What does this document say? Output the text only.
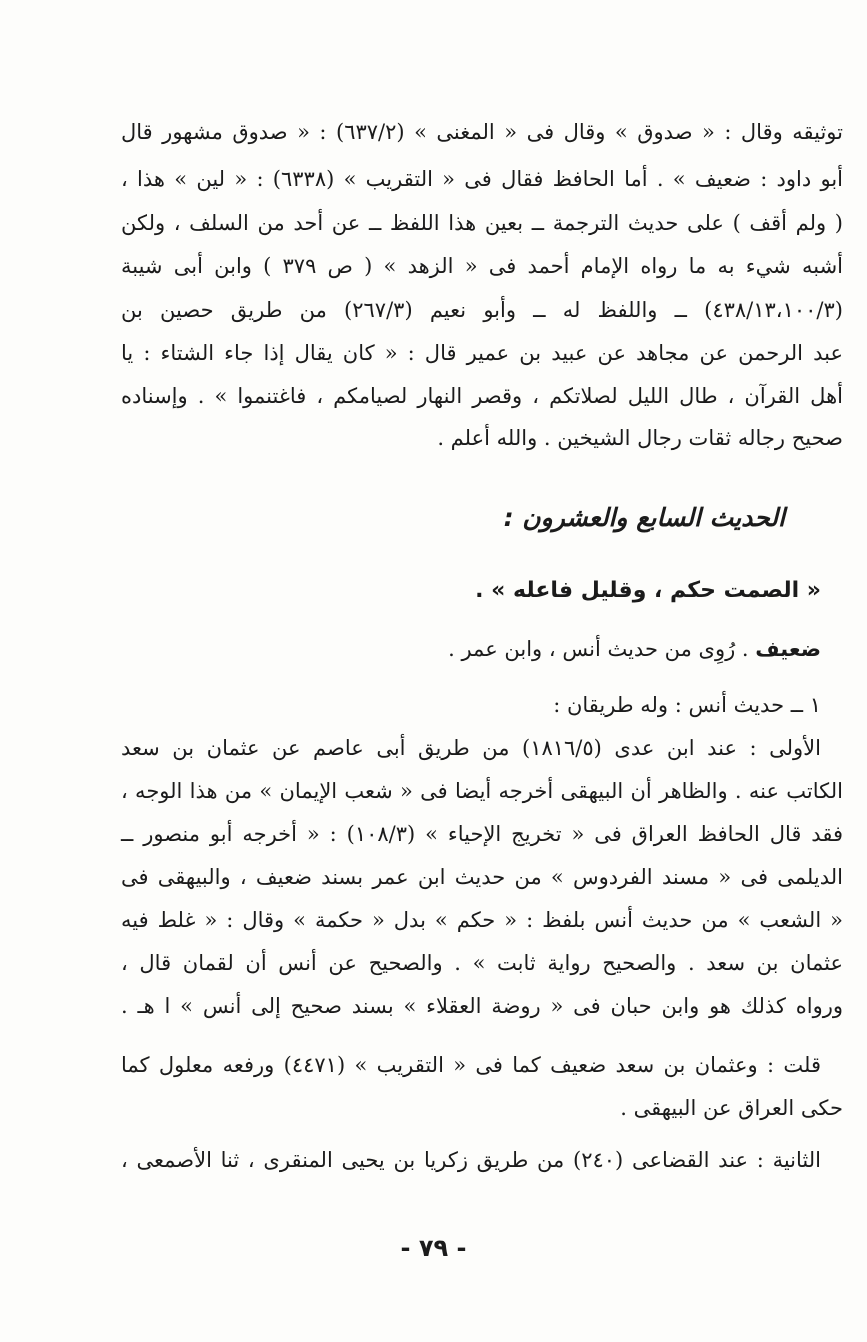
توثيقه وقال : « صدوق » وقال فى « المغنى » (٦٣٧/٢) : « صدوق مشهور قال
أبو داود : ضعيف » . أما الحافظ فقال فى « التقريب » (٦٣٣٨) : « لين » هذا ،
( ولم أقف ) على حديث الترجمة ــ بعين هذا اللفظ ــ عن أحد من السلف ، ولكن
أشبه شيء به ما رواه الإمام أحمد فى « الزهد » ( ص ٣٧٩ ) وابن أبى شيبة
(٤٣٨/١٣،١٠٠/٣) ــ واللفظ له ــ وأبو نعيم (٢٦٧/٣) من طريق حصين بن
عبد الرحمن عن مجاهد عن عبيد بن عمير قال : « كان يقال إذا جاء الشتاء : يا
أهل القرآن ، طال الليل لصلاتكم ، وقصر النهار لصيامكم ، فاغتنموا » . وإسناده
صحيح رجاله ثقات رجال الشيخين . والله أعلم .
الحديث السابع والعشرون :
« الصمت حكم ، وقليل فاعله » .
ضعيف . رُوِى من حديث أنس ، وابن عمر .
١ ــ حديث أنس : وله طريقان :
الأولى : عند ابن عدى (١٨١٦/٥) من طريق أبى عاصم عن عثمان بن سعد
الكاتب عنه . والظاهر أن البيهقى أخرجه أيضا فى « شعب الإيمان » من هذا الوجه ،
فقد قال الحافظ العراق فى « تخريج الإحياء » (١٠٨/٣) : « أخرجه أبو منصور ــ
الديلمى فى « مسند الفردوس » من حديث ابن عمر بسند ضعيف ، والبيهقى فى
« الشعب » من حديث أنس بلفظ : « حكم » بدل « حكمة » وقال : « غلط فيه
عثمان بن سعد . والصحيح رواية ثابت » . والصحيح عن أنس أن لقمان قال ،
ورواه كذلك هو وابن حبان فى « روضة العقلاء » بسند صحيح إلى أنس » ا هـ .
قلت : وعثمان بن سعد ضعيف كما فى « التقريب » (٤٤٧١) ورفعه معلول كما
حكى العراق عن البيهقى .
الثانية : عند القضاعى (٢٤٠) من طريق زكريا بن يحيى المنقرى ، ثنا الأصمعى ،
- ٧٩ -
